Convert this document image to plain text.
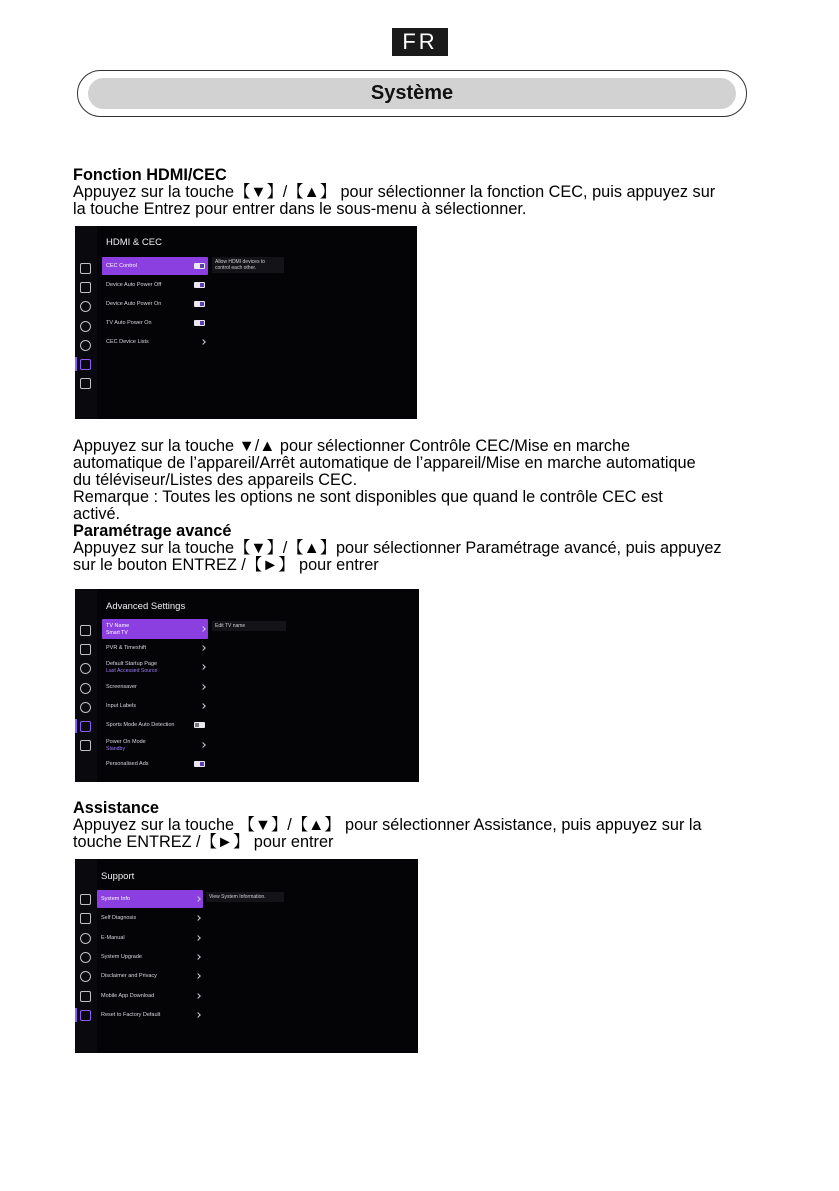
FR
Système
Fonction HDMI/CEC
Appuyez sur la touche【▼】/【▲】 pour sélectionner la fonction CEC, puis appuyez sur
la touche Entrez pour entrer dans le sous-menu à sélectionner.
HDMI & CEC
CEC Control
Device Auto Power Off
Device Auto Power On
TV Auto Power On
CEC Device Lists
Allow HDMI devices to
control each other.
Appuyez sur la touche ▼/▲ pour sélectionner Contrôle CEC/Mise en marche
automatique de l’appareil/Arrêt automatique de l’appareil/Mise en marche automatique
du téléviseur/Listes des appareils CEC.
Remarque : Toutes les options ne sont disponibles que quand le contrôle CEC est
activé.
Paramétrage avancé
Appuyez sur la touche【▼】/【▲】pour sélectionner Paramétrage avancé, puis appuyez
sur le bouton ENTREZ /【►】 pour entrer
Advanced Settings
TV Name
Smart TV
PVR & Timeshift
Default Startup Page
Last Accessed Source
Screensaver
Input Labels
Sports Mode Auto Detection
Power On Mode
Standby
Personalised Ads
Edit TV name
Assistance
Appuyez sur la touche 【▼】/【▲】 pour sélectionner Assistance, puis appuyez sur la
touche ENTREZ /【►】 pour entrer
Support
System Info
Self Diagnosis
E-Manual
System Upgrade
Disclaimer and Privacy
Mobile App Download
Reset to Factory Default
View System Information.
